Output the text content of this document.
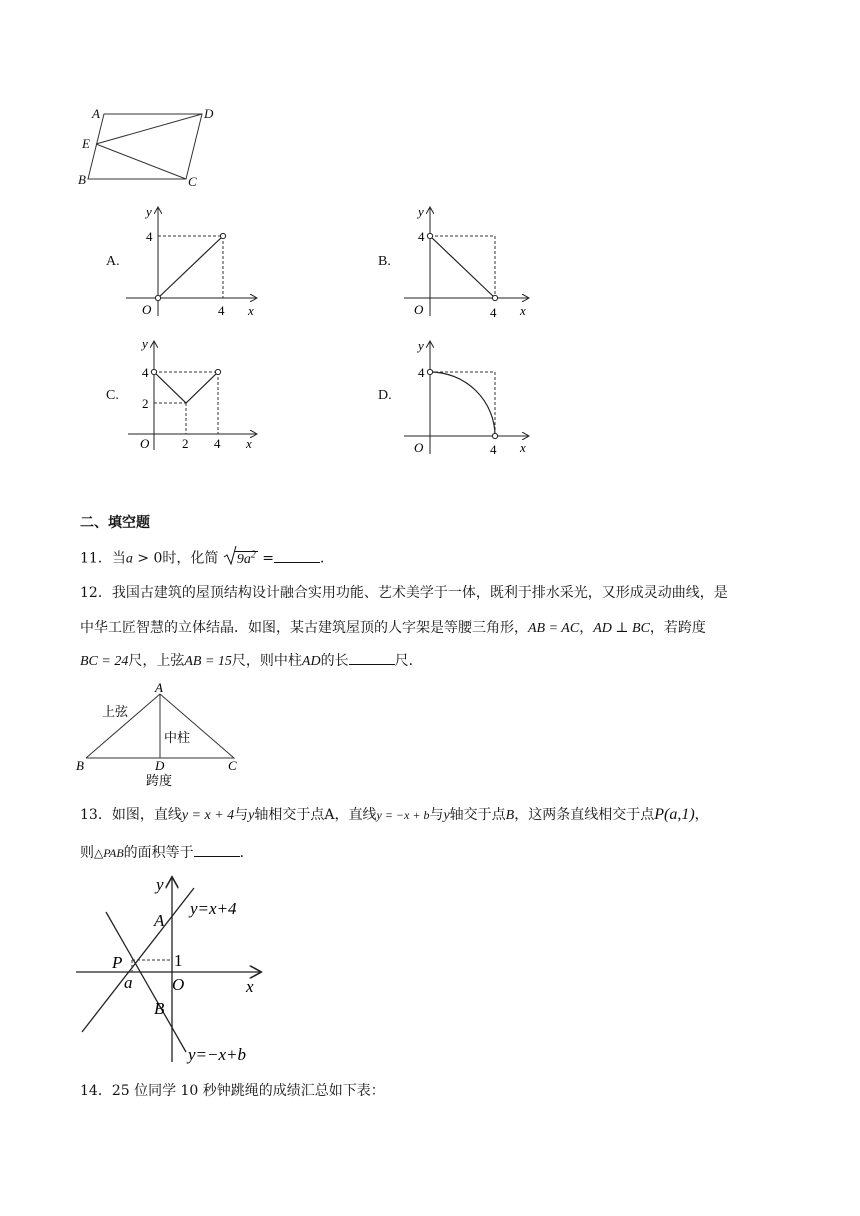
A	D
E
B	C
A.
y
4
O	4 x
B.
y
4
O	4 x
C.
y
4
2
O	2 4 x
D.
y
4
O	4 x
二、填空题
11．当a > 0时，化简 $9a^2$ =	．
12．我国古建筑的屋顶结构设计融合实用功能、艺术美学于一体，既利于排水采光，又形成灵动曲线，是
中华工匠智慧的立体结晶．如图，某古建筑屋顶的人字架是等腰三角形，AB = AC，AD ⊥ BC，若跨度
BC = 24尺，上弦AB = 15尺，则中柱AD的长	尺．
A
B	C
D
上弦
中柱
跨度
13．如图，直线y = x + 4与y轴相交于点A，直线y = −x + b与y轴交于点B，这两条直线相交于点P(a,1)，
则△PAB的面积等于	．
y
x
A
B
P
O
a
1
y=x+4
y=−x+b
14．25 位同学 10 秒钟跳绳的成绩汇总如下表：
